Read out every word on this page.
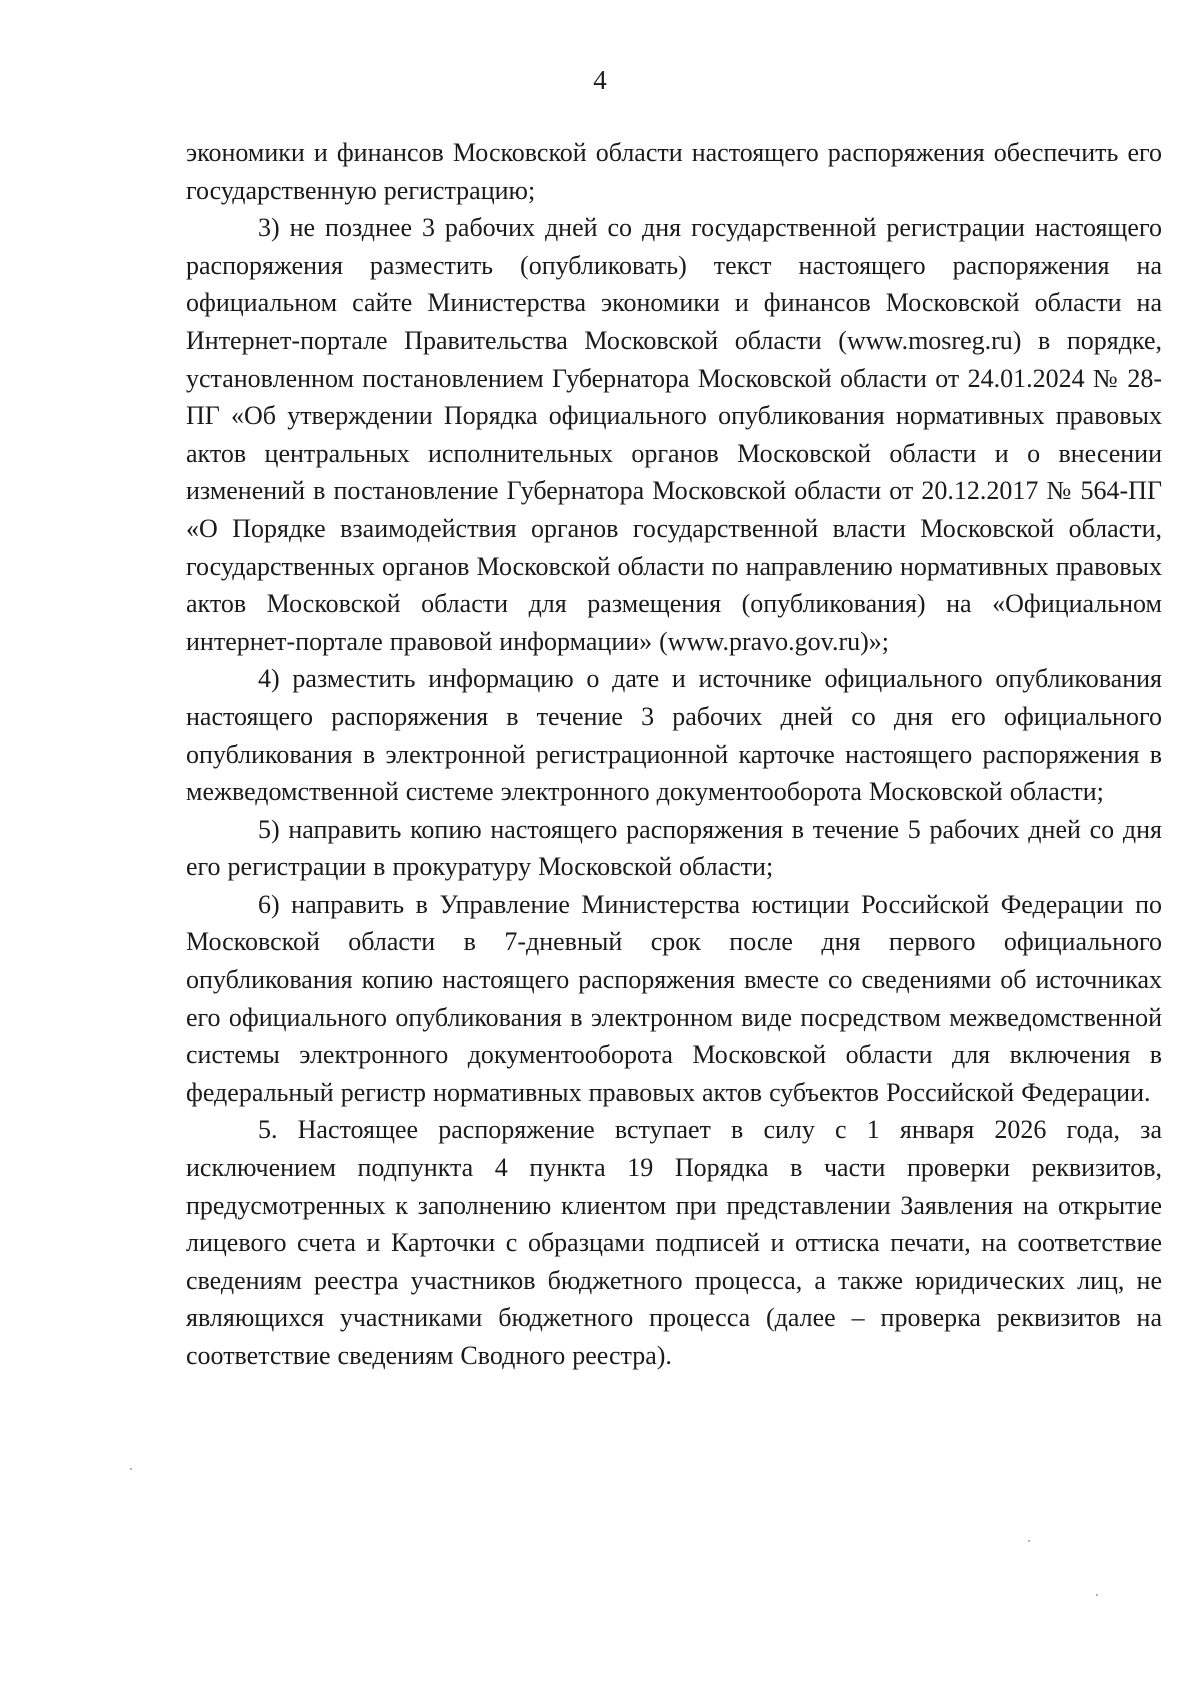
4

экономики и финансов Московской области настоящего распоряжения обеспечить его государственную регистрацию;

3) не позднее 3 рабочих дней со дня государственной регистрации настоящего распоряжения разместить (опубликовать) текст настоящего распоряжения на официальном сайте Министерства экономики и финансов Московской области на Интернет-портале Правительства Московской области (www.mosreg.ru) в порядке, установленном постановлением Губернатора Московской области от 24.01.2024 № 28-ПГ «Об утверждении Порядка официального опубликования нормативных правовых актов центральных исполнительных органов Московской области и о внесении изменений в постановление Губернатора Московской области от 20.12.2017 № 564-ПГ «О Порядке взаимодействия органов государственной власти Московской области, государственных органов Московской области по направлению нормативных правовых актов Московской области для размещения (опубликования) на «Официальном интернет-портале правовой информации» (www.pravo.gov.ru)»;

4) разместить информацию о дате и источнике официального опубликования настоящего распоряжения в течение 3 рабочих дней со дня его официального опубликования в электронной регистрационной карточке настоящего распоряжения в межведомственной системе электронного документооборота Московской области;

5) направить копию настоящего распоряжения в течение 5 рабочих дней со дня его регистрации в прокуратуру Московской области;

6) направить в Управление Министерства юстиции Российской Федерации по Московской области в 7-дневный срок после дня первого официального опубликования копию настоящего распоряжения вместе со сведениями об источниках его официального опубликования в электронном виде посредством межведомственной системы электронного документооборота Московской области для включения в федеральный регистр нормативных правовых актов субъектов Российской Федерации.

5. Настоящее распоряжение вступает в силу с 1 января 2026 года, за исключением подпункта 4 пункта 19 Порядка в части проверки реквизитов, предусмотренных к заполнению клиентом при представлении Заявления на открытие лицевого счета и Карточки с образцами подписей и оттиска печати, на соответствие сведениям реестра участников бюджетного процесса, а также юридических лиц, не являющихся участниками бюджетного процесса (далее – проверка реквизитов на соответствие сведениям Сводного реестра).
